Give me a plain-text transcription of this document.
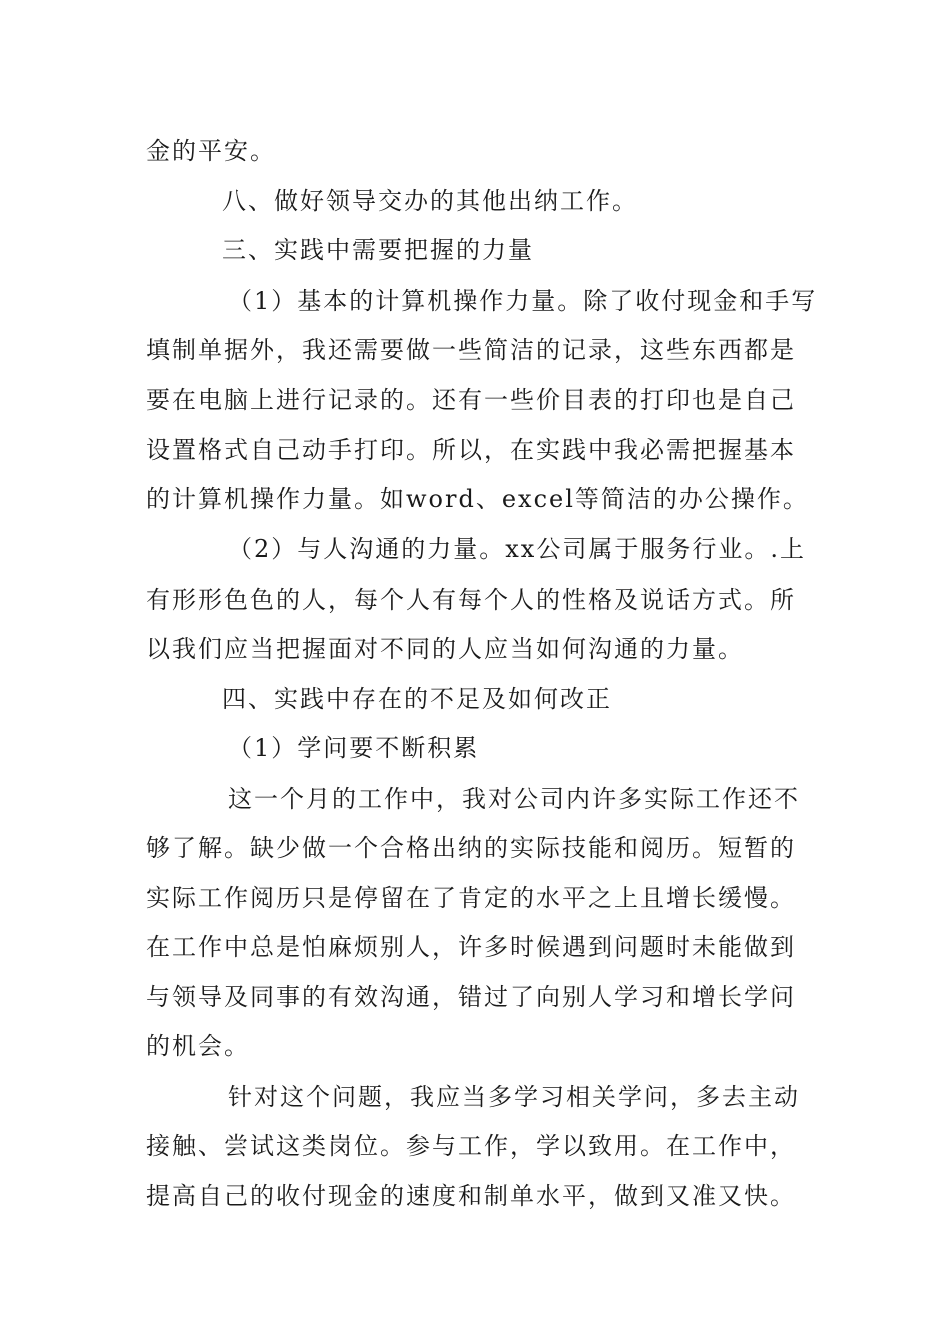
金的平安。
八、做好领导交办的其他出纳工作。
三、实践中需要把握的力量
（1）基本的计算机操作力量。除了收付现金和手写
填制单据外，我还需要做一些简洁的记录，这些东西都是
要在电脑上进行记录的。还有一些价目表的打印也是自己
设置格式自己动手打印。所以，在实践中我必需把握基本
的计算机操作力量。如word、excel等简洁的办公操作。
（2）与人沟通的力量。xx公司属于服务行业。.上
有形形色色的人，每个人有每个人的性格及说话方式。所
以我们应当把握面对不同的人应当如何沟通的力量。
四、实践中存在的不足及如何改正
（1）学问要不断积累
这一个月的工作中，我对公司内许多实际工作还不
够了解。缺少做一个合格出纳的实际技能和阅历。短暂的
实际工作阅历只是停留在了肯定的水平之上且增长缓慢。
在工作中总是怕麻烦别人，许多时候遇到问题时未能做到
与领导及同事的有效沟通，错过了向别人学习和增长学问
的机会。
针对这个问题，我应当多学习相关学问，多去主动
接触、尝试这类岗位。参与工作，学以致用。在工作中，
提高自己的收付现金的速度和制单水平，做到又准又快。
